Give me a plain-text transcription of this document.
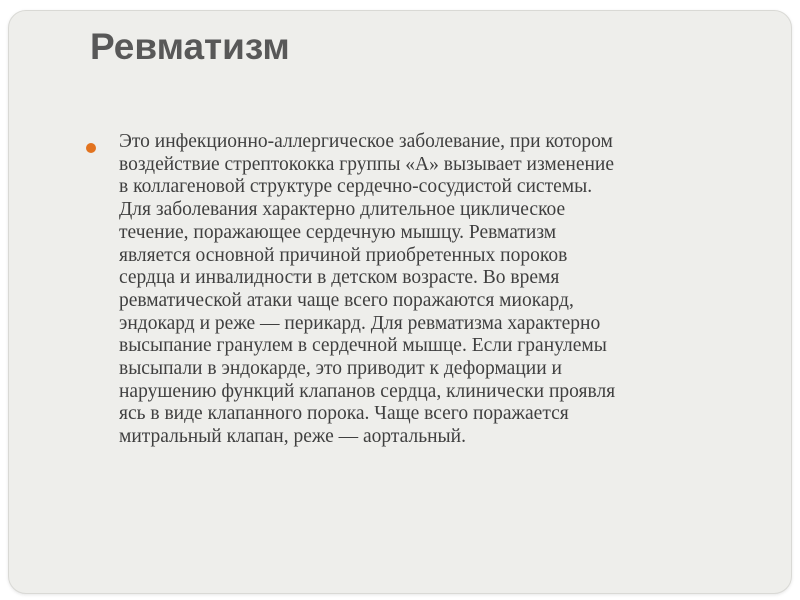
Ревматизм

Это инфекционно-аллергическое заболевание, при котором
воздействие стрептококка группы «А» вызывает изменение
в коллагеновой структуре сердечно-сосудистой системы.
Для заболевания характерно длительное циклическое
течение, поражающее сердечную мышцу. Ревматизм
является основной причиной приобретенных пороков
сердца и инвалидности в детском возрасте. Во время
ревматической атаки чаще всего поражаются миокард,
эндокард и реже — перикард. Для ревматизма характерно
высыпание гранулем в сердечной мышце. Если гранулемы
высыпали в эндокарде, это приводит к деформации и
нарушению функций клапанов сердца, клинически проявля
ясь в виде клапанного порока. Чаще всего поражается
митральный клапан, реже — аортальный.
